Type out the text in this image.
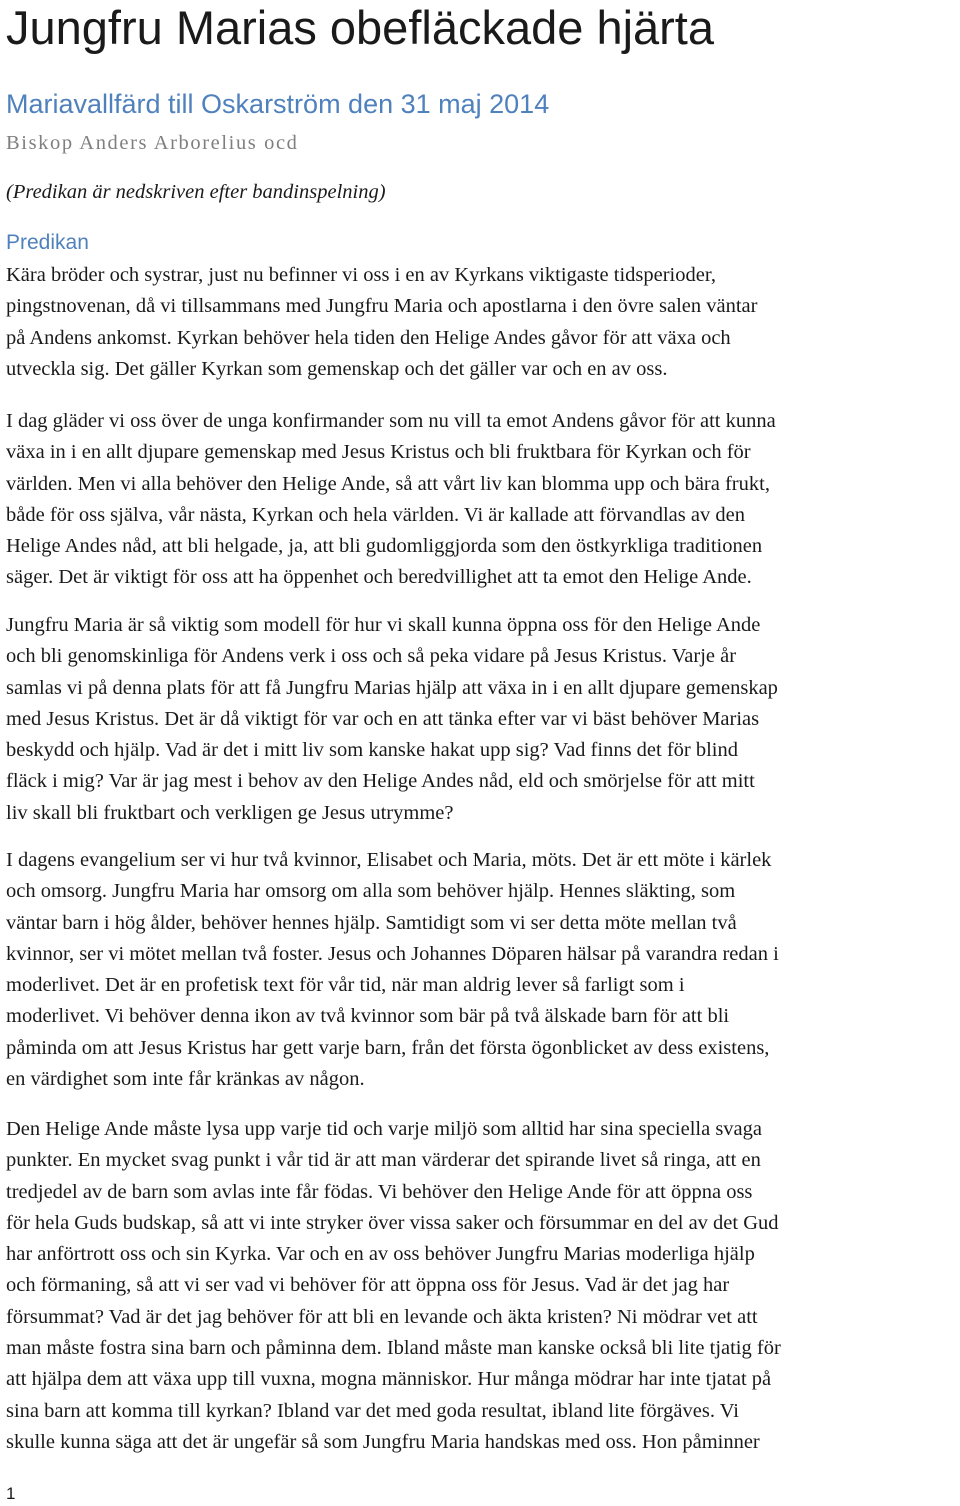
Jungfru Marias obefläckade hjärta
Mariavallfärd till Oskarström den 31 maj 2014
Biskop Anders Arborelius ocd
(Predikan är nedskriven efter bandinspelning)
Predikan

Kära bröder och systrar, just nu befinner vi oss i en av Kyrkans viktigaste tidsperioder,
pingstnovenan, då vi tillsammans med Jungfru Maria och apostlarna i den övre salen väntar
på Andens ankomst. Kyrkan behöver hela tiden den Helige Andes gåvor för att växa och
utveckla sig. Det gäller Kyrkan som gemenskap och det gäller var och en av oss.

I dag gläder vi oss över de unga konfirmander som nu vill ta emot Andens gåvor för att kunna
växa in i en allt djupare gemenskap med Jesus Kristus och bli fruktbara för Kyrkan och för
världen. Men vi alla behöver den Helige Ande, så att vårt liv kan blomma upp och bära frukt,
både för oss själva, vår nästa, Kyrkan och hela världen. Vi är kallade att förvandlas av den
Helige Andes nåd, att bli helgade, ja, att bli gudomliggjorda som den östkyrkliga traditionen
säger. Det är viktigt för oss att ha öppenhet och beredvillighet att ta emot den Helige Ande.

Jungfru Maria är så viktig som modell för hur vi skall kunna öppna oss för den Helige Ande
och bli genomskinliga för Andens verk i oss och så peka vidare på Jesus Kristus. Varje år
samlas vi på denna plats för att få Jungfru Marias hjälp att växa in i en allt djupare gemenskap
med Jesus Kristus. Det är då viktigt för var och en att tänka efter var vi bäst behöver Marias
beskydd och hjälp. Vad är det i mitt liv som kanske hakat upp sig? Vad finns det för blind
fläck i mig? Var är jag mest i behov av den Helige Andes nåd, eld och smörjelse för att mitt
liv skall bli fruktbart och verkligen ge Jesus utrymme?

I dagens evangelium ser vi hur två kvinnor, Elisabet och Maria, möts. Det är ett möte i kärlek
och omsorg. Jungfru Maria har omsorg om alla som behöver hjälp. Hennes släkting, som
väntar barn i hög ålder, behöver hennes hjälp. Samtidigt som vi ser detta möte mellan två
kvinnor, ser vi mötet mellan två foster. Jesus och Johannes Döparen hälsar på varandra redan i
moderlivet. Det är en profetisk text för vår tid, när man aldrig lever så farligt som i
moderlivet. Vi behöver denna ikon av två kvinnor som bär på två älskade barn för att bli
påminda om att Jesus Kristus har gett varje barn, från det första ögonblicket av dess existens,
en värdighet som inte får kränkas av någon.

Den Helige Ande måste lysa upp varje tid och varje miljö som alltid har sina speciella svaga
punkter. En mycket svag punkt i vår tid är att man värderar det spirande livet så ringa, att en
tredjedel av de barn som avlas inte får födas. Vi behöver den Helige Ande för att öppna oss
för hela Guds budskap, så att vi inte stryker över vissa saker och försummar en del av det Gud
har anförtrott oss och sin Kyrka. Var och en av oss behöver Jungfru Marias moderliga hjälp
och förmaning, så att vi ser vad vi behöver för att öppna oss för Jesus. Vad är det jag har
försummat? Vad är det jag behöver för att bli en levande och äkta kristen? Ni mödrar vet att
man måste fostra sina barn och påminna dem. Ibland måste man kanske också bli lite tjatig för
att hjälpa dem att växa upp till vuxna, mogna människor. Hur många mödrar har inte tjatat på
sina barn att komma till kyrkan? Ibland var det med goda resultat, ibland lite förgäves. Vi
skulle kunna säga att det är ungefär så som Jungfru Maria handskas med oss. Hon påminner

1
